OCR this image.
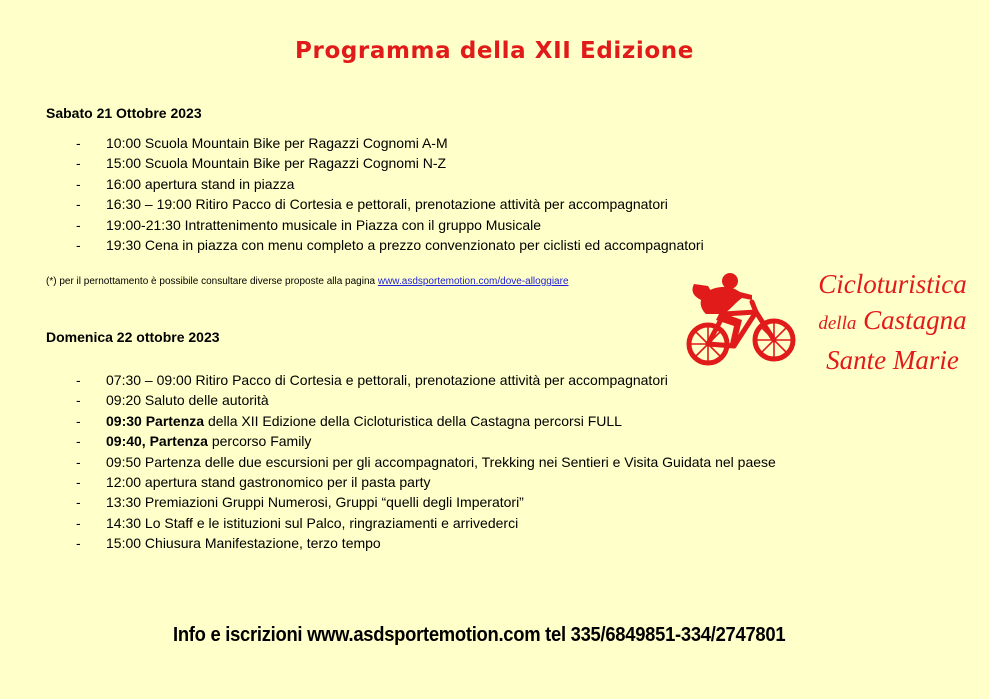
Programma della XII Edizione
Sabato 21 Ottobre 2023
- 10:00 Scuola Mountain Bike per Ragazzi Cognomi A-M
- 15:00 Scuola Mountain Bike per Ragazzi Cognomi N-Z
- 16:00 apertura stand in piazza
- 16:30 – 19:00 Ritiro Pacco di Cortesia e pettorali, prenotazione attività per accompagnatori
- 19:00-21:30 Intrattenimento musicale in Piazza con il gruppo Musicale
- 19:30 Cena in piazza con menu completo a prezzo convenzionato per ciclisti ed accompagnatori
(*) per il pernottamento è possibile consultare diverse proposte alla pagina www.asdsportemotion.com/dove-alloggiare	Cicloturistica
della Castagna
Sante Marie
Domenica 22 ottobre 2023
- 07:30 – 09:00 Ritiro Pacco di Cortesia e pettorali, prenotazione attività per accompagnatori
- 09:20 Saluto delle autorità
- 09:30 Partenza della XII Edizione della Cicloturistica della Castagna percorsi FULL
- 09:40, Partenza percorso Family
- 09:50 Partenza delle due escursioni per gli accompagnatori, Trekking nei Sentieri e Visita Guidata nel paese
- 12:00 apertura stand gastronomico per il pasta party
- 13:30 Premiazioni Gruppi Numerosi, Gruppi “quelli degli Imperatori”
- 14:30 Lo Staff e le istituzioni sul Palco, ringraziamenti e arrivederci
- 15:00 Chiusura Manifestazione, terzo tempo
Info e iscrizioni www.asdsportemotion.com tel 335/6849851-334/2747801
